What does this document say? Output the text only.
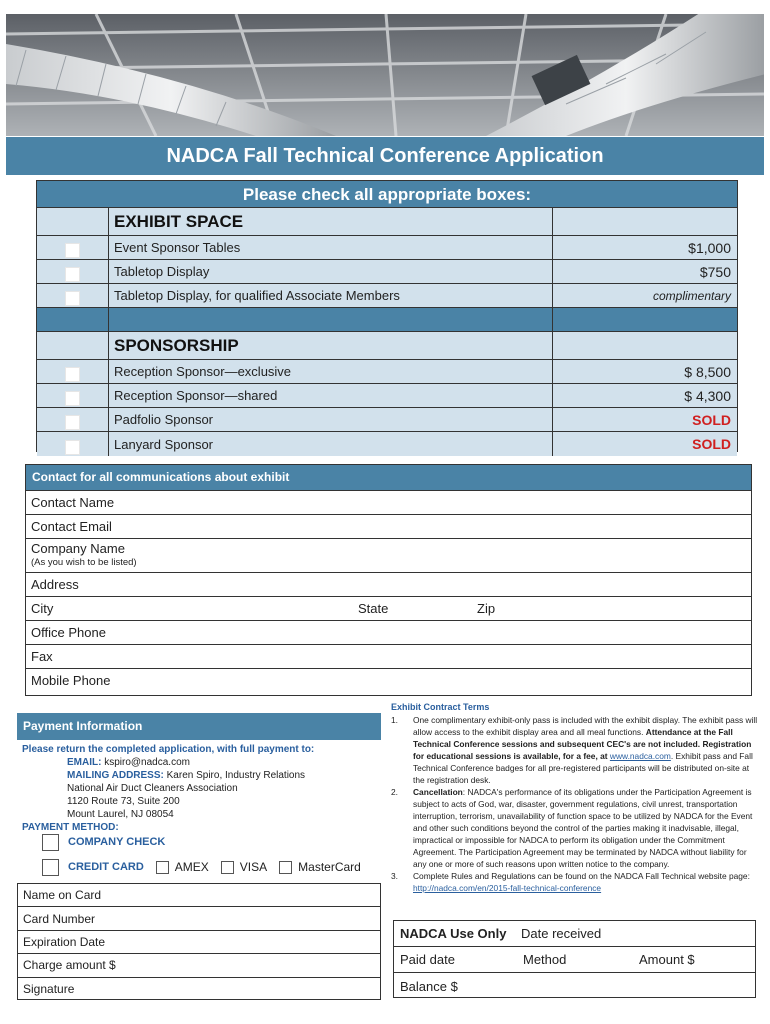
NADCA Fall Technical Conference Application
Please check all appropriate boxes:
EXHIBIT SPACE
Event Sponsor Tables	$1,000
Tabletop Display	$750
Tabletop Display, for qualified Associate Members	complimentary
SPONSORSHIP
Reception Sponsor—exclusive	$ 8,500
Reception Sponsor—shared	$ 4,300
Padfolio Sponsor	SOLD
Lanyard Sponsor	SOLD
Contact for all communications about exhibit
Contact Name
Contact Email
Company Name
(As you wish to be listed)
Address
City	State	Zip
Office Phone
Fax
Mobile Phone
Payment Information
Please return the completed application, with full payment to:
EMAIL: kspiro@nadca.com
MAILING ADDRESS: Karen Spiro, Industry Relations
National Air Duct Cleaners Association
1120 Route 73, Suite 200
Mount Laurel, NJ 08054
PAYMENT METHOD:
COMPANY CHECK
CREDIT CARD	AMEX	VISA	MasterCard
Name on Card
Card Number
Expiration Date
Charge amount $
Signature
Exhibit Contract Terms
1.	One complimentary exhibit-only pass is included with the exhibit display. The exhibit pass will allow access to the exhibit display area and all meal functions. Attendance at the Fall Technical Conference sessions and subsequent CEC's are not included. Registration for educational sessions is available, for a fee, at www.nadca.com. Exhibit pass and Fall Technical Conference badges for all pre-registered participants will be distributed on-site at the registration desk.
2.	Cancellation: NADCA's performance of its obligations under the Participation Agreement is subject to acts of God, war, disaster, government regulations, civil unrest, transportation interruption, terrorism, unavailability of function space to be utilized by NADCA for the Event and other such conditions beyond the control of the parties making it inadvisable, illegal, impractical or impossible for NADCA to perform its obligation under the Commitment Agreement. The Participation Agreement may be terminated by NADCA without liability for any one or more of such reasons upon written notice to the company.
3.	Complete Rules and Regulations can be found on the NADCA Fall Technical website page: http://nadca.com/en/2015-fall-technical-conference
NADCA Use Only Date received
Paid date	Method	Amount $
Balance $
